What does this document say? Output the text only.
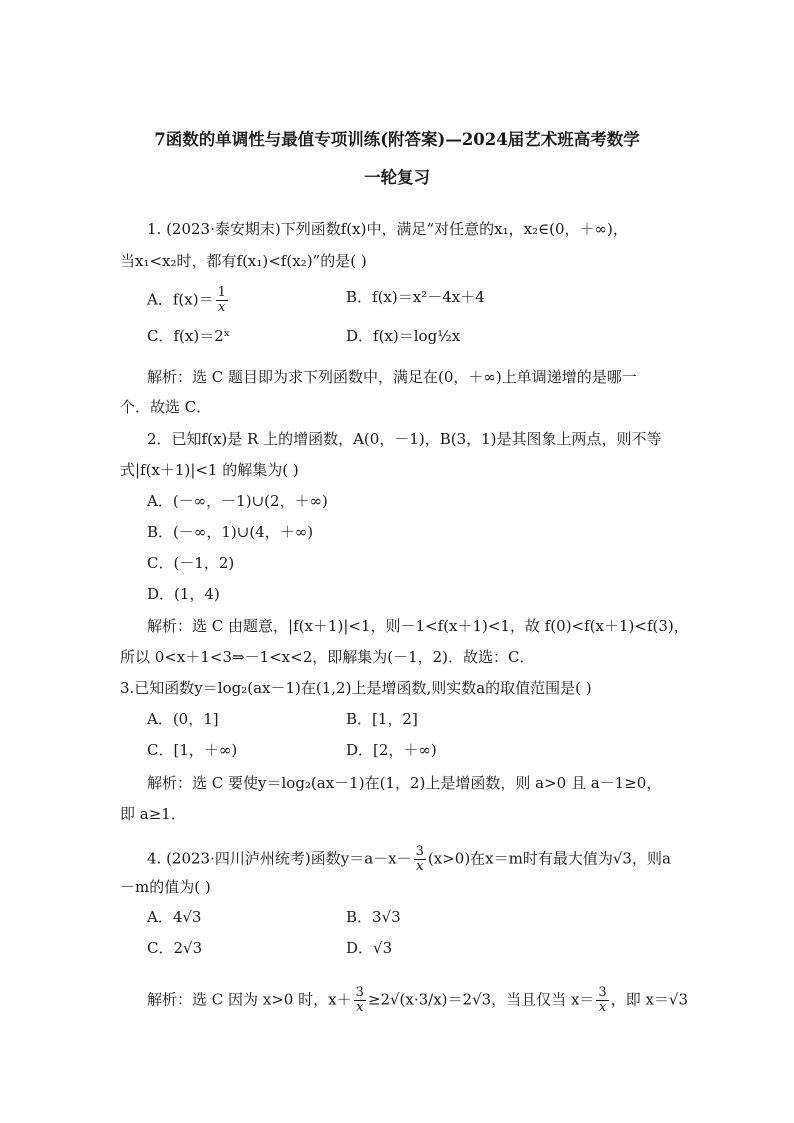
7函数的单调性与最值专项训练(附答案)—2024届艺术班高考数学
一轮复习
1. (2023·泰安期末)下列函数f(x)中，满足“对任意的x₁，x₂∈(0，＋∞)，
当x₁<x₂时，都有f(x₁)<f(x₂)”的是( )
A．$f(x)= \frac{1}{x}$	B．f(x)＝x²－4x＋4
C．f(x)＝2ˣ	D．f(x)＝log½x
解析：选 C 题目即为求下列函数中，满足在(0，＋∞)上单调递增的是哪一
个．故选 C．
2．已知f(x)是 R 上的增函数，A(0，－1)，B(3，1)是其图象上两点，则不等
式|f(x＋1)|<1 的解集为( )
A．(－∞，－1)∪(2，＋∞)
B．(－∞，1)∪(4，＋∞)
C．(－1，2)
D．(1，4)
解析：选 C 由题意，|f(x＋1)|<1，则－1<f(x＋1)<1，故 f(0)<f(x＋1)<f(3)，
所以 0<x＋1<3⇒－1<x<2，即解集为(－1，2)．故选：C．
3.已知函数y＝log₂(ax－1)在(1,2)上是增函数,则实数a的取值范围是( )
A．(0，1]	B．[1，2]
C．[1，＋∞)	D．[2，＋∞)
解析：选 C 要使y＝log₂(ax－1)在(1，2)上是增函数，则 a>0 且 a－1≥0，
即 a≥1．
4. (2023·四川泸州统考)函数$y=a-x- \frac{3}{x} (x>0)$在x＝m时有最大值为√3，则a
－m的值为( )
A．4√3	B．3√3
C．2√3	D．√3
解析：选 C 因为 x>0 时，$x+ \frac{3}{x} \ge 2√(x\cdot 3/x)=2√3$，当且仅当 $x= \frac{3}{x}$ ，即 x＝√3
